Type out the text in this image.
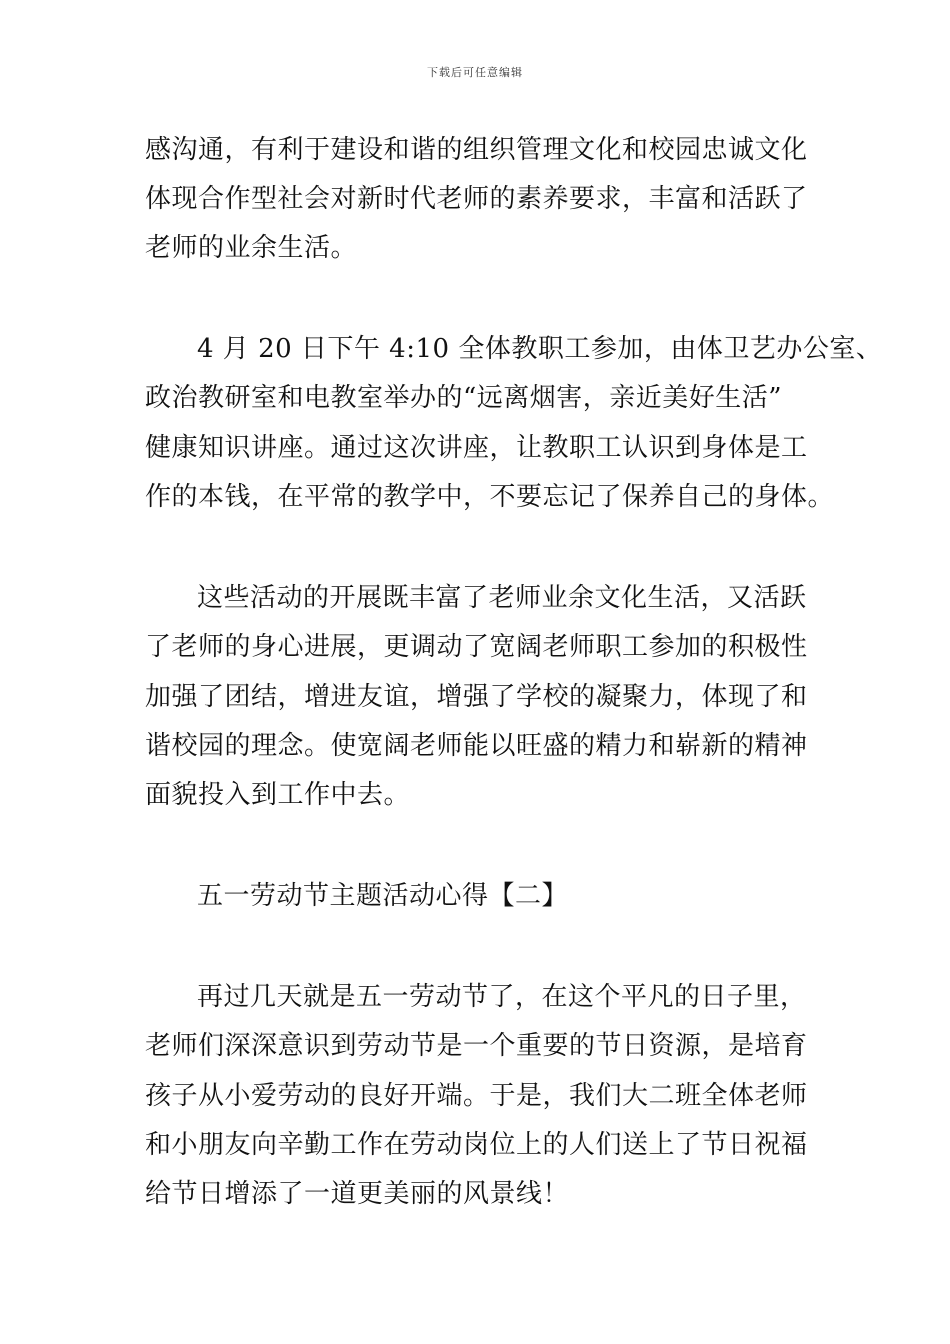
下载后可任意编辑
感沟通，有利于建设和谐的组织管理文化和校园忠诚文化
体现合作型社会对新时代老师的素养要求，丰富和活跃了
老师的业余生活。
4 月 20 日下午 4:10 全体教职工参加，由体卫艺办公室、
政治教研室和电教室举办的“远离烟害，亲近美好生活”
健康知识讲座。通过这次讲座，让教职工认识到身体是工
作的本钱，在平常的教学中，不要忘记了保养自己的身体。
这些活动的开展既丰富了老师业余文化生活，又活跃
了老师的身心进展，更调动了宽阔老师职工参加的积极性
加强了团结，增进友谊，增强了学校的凝聚力，体现了和
谐校园的理念。使宽阔老师能以旺盛的精力和崭新的精神
面貌投入到工作中去。
五一劳动节主题活动心得【二】
再过几天就是五一劳动节了，在这个平凡的日子里，
老师们深深意识到劳动节是一个重要的节日资源，是培育
孩子从小爱劳动的良好开端。于是，我们大二班全体老师
和小朋友向辛勤工作在劳动岗位上的人们送上了节日祝福
给节日增添了一道更美丽的风景线！
